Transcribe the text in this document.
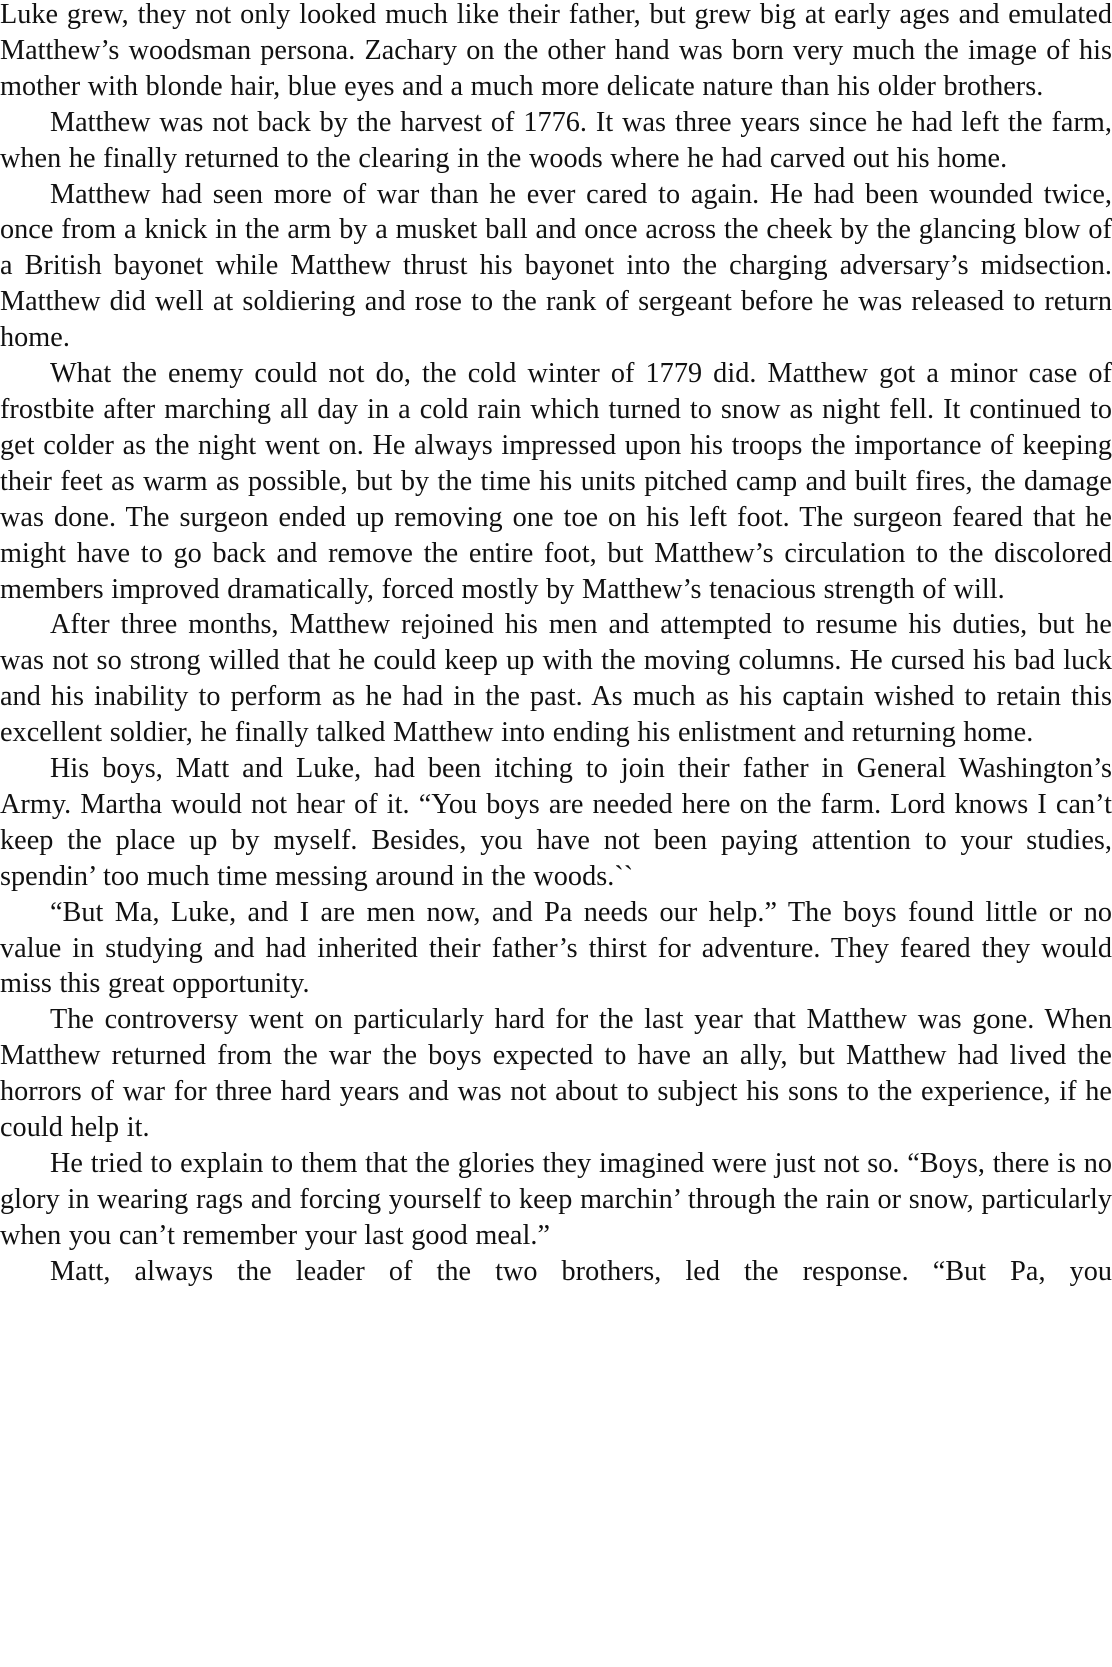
Luke grew, they not only looked much like their father, but grew big at early ages and emulated Matthew’s woodsman persona. Zachary on the other hand was born very much the image of his mother with blonde hair, blue eyes and a much more delicate nature than his older brothers.

Matthew was not back by the harvest of 1776. It was three years since he had left the farm, when he finally returned to the clearing in the woods where he had carved out his home.

Matthew had seen more of war than he ever cared to again. He had been wounded twice, once from a knick in the arm by a musket ball and once across the cheek by the glancing blow of a British bayonet while Matthew thrust his bayonet into the charging adversary’s midsection. Matthew did well at soldiering and rose to the rank of sergeant before he was released to return home.

What the enemy could not do, the cold winter of 1779 did. Matthew got a minor case of frostbite after marching all day in a cold rain which turned to snow as night fell. It continued to get colder as the night went on. He always impressed upon his troops the importance of keeping their feet as warm as possible, but by the time his units pitched camp and built fires, the damage was done. The surgeon ended up removing one toe on his left foot. The surgeon feared that he might have to go back and remove the entire foot, but Matthew’s circulation to the discolored members improved dramatically, forced mostly by Matthew’s tenacious strength of will.

After three months, Matthew rejoined his men and attempted to resume his duties, but he was not so strong willed that he could keep up with the moving columns. He cursed his bad luck and his inability to perform as he had in the past. As much as his captain wished to retain this excellent soldier, he finally talked Matthew into ending his enlistment and returning home.

His boys, Matt and Luke, had been itching to join their father in General Washington’s Army. Martha would not hear of it. “You boys are needed here on the farm. Lord knows I can’t keep the place up by myself. Besides, you have not been paying attention to your studies, spendin’ too much time messing around in the woods.``

“But Ma, Luke, and I are men now, and Pa needs our help.” The boys found little or no value in studying and had inherited their father’s thirst for adventure. They feared they would miss this great opportunity.

The controversy went on particularly hard for the last year that Matthew was gone. When Matthew returned from the war the boys expected to have an ally, but Matthew had lived the horrors of war for three hard years and was not about to subject his sons to the experience, if he could help it.

He tried to explain to them that the glories they imagined were just not so. “Boys, there is no glory in wearing rags and forcing yourself to keep marchin’ through the rain or snow, particularly when you can’t remember your last good meal.”

Matt, always the leader of the two brothers, led the response. “But Pa, you
